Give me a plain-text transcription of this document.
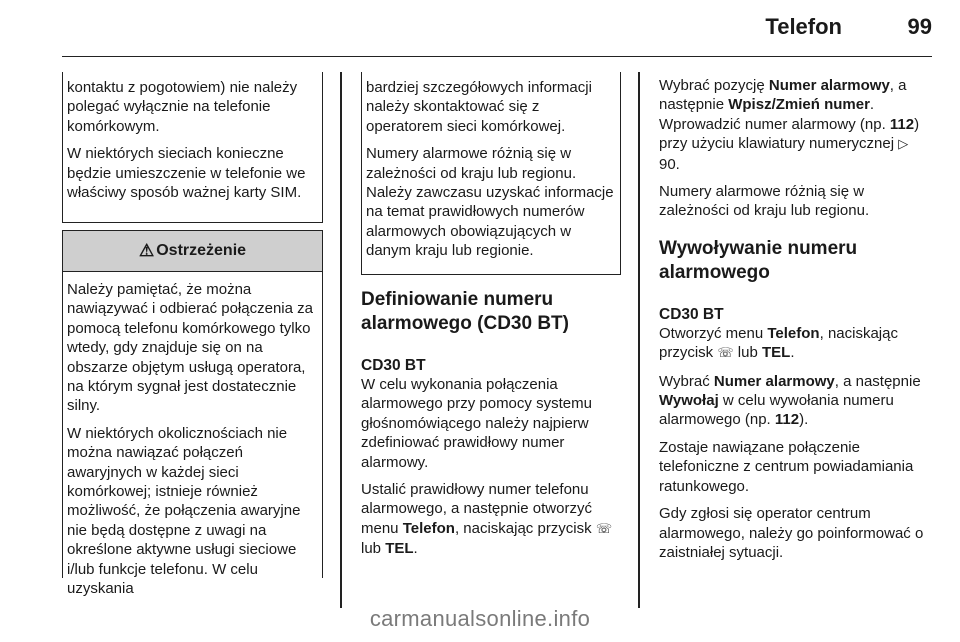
Telefon	99

kontaktu z pogotowiem) nie należy polegać wyłącznie na telefonie komórkowym.

W niektórych sieciach konieczne będzie umieszczenie w telefonie we właściwy sposób ważnej karty SIM.

⚠ Ostrzeżenie

Należy pamiętać, że można nawiązywać i odbierać połączenia za pomocą telefonu komórkowego tylko wtedy, gdy znajduje się on na obszarze objętym usługą operatora, na którym sygnał jest dostatecznie silny.

W niektórych okolicznościach nie można nawiązać połączeń awaryjnych w każdej sieci komórkowej; istnieje również możliwość, że połączenia awaryjne nie będą dostępne z uwagi na określone aktywne usługi sieciowe i/lub funkcje telefonu. W celu uzyskania

bardziej szczegółowych informacji należy skontaktować się z operatorem sieci komórkowej.

Numery alarmowe różnią się w zależności od kraju lub regionu. Należy zawczasu uzyskać informacje na temat prawidłowych numerów alarmowych obowiązujących w danym kraju lub regionie.

Definiowanie numeru alarmowego (CD30 BT)
CD30 BT

W celu wykonania połączenia alarmowego przy pomocy systemu głośnomówiącego należy najpierw zdefiniować prawidłowy numer alarmowy.

Ustalić prawidłowy numer telefonu alarmowego, a następnie otworzyć menu Telefon, naciskając przycisk ☏ lub TEL.

Wybrać pozycję Numer alarmowy, a następnie Wpisz/Zmień numer.

Wprowadzić numer alarmowy (np. 112) przy użyciu klawiatury numerycznej ▷ 90.

Numery alarmowe różnią się w zależności od kraju lub regionu.

Wywoływanie numeru alarmowego
CD30 BT

Otworzyć menu Telefon, naciskając przycisk ☏ lub TEL.

Wybrać Numer alarmowy, a następnie Wywołaj w celu wywołania numeru alarmowego (np. 112).

Zostaje nawiązane połączenie telefoniczne z centrum powiadamiania ratunkowego.

Gdy zgłosi się operator centrum alarmowego, należy go poinformować o zaistniałej sytuacji.

carmanualsonline.info
